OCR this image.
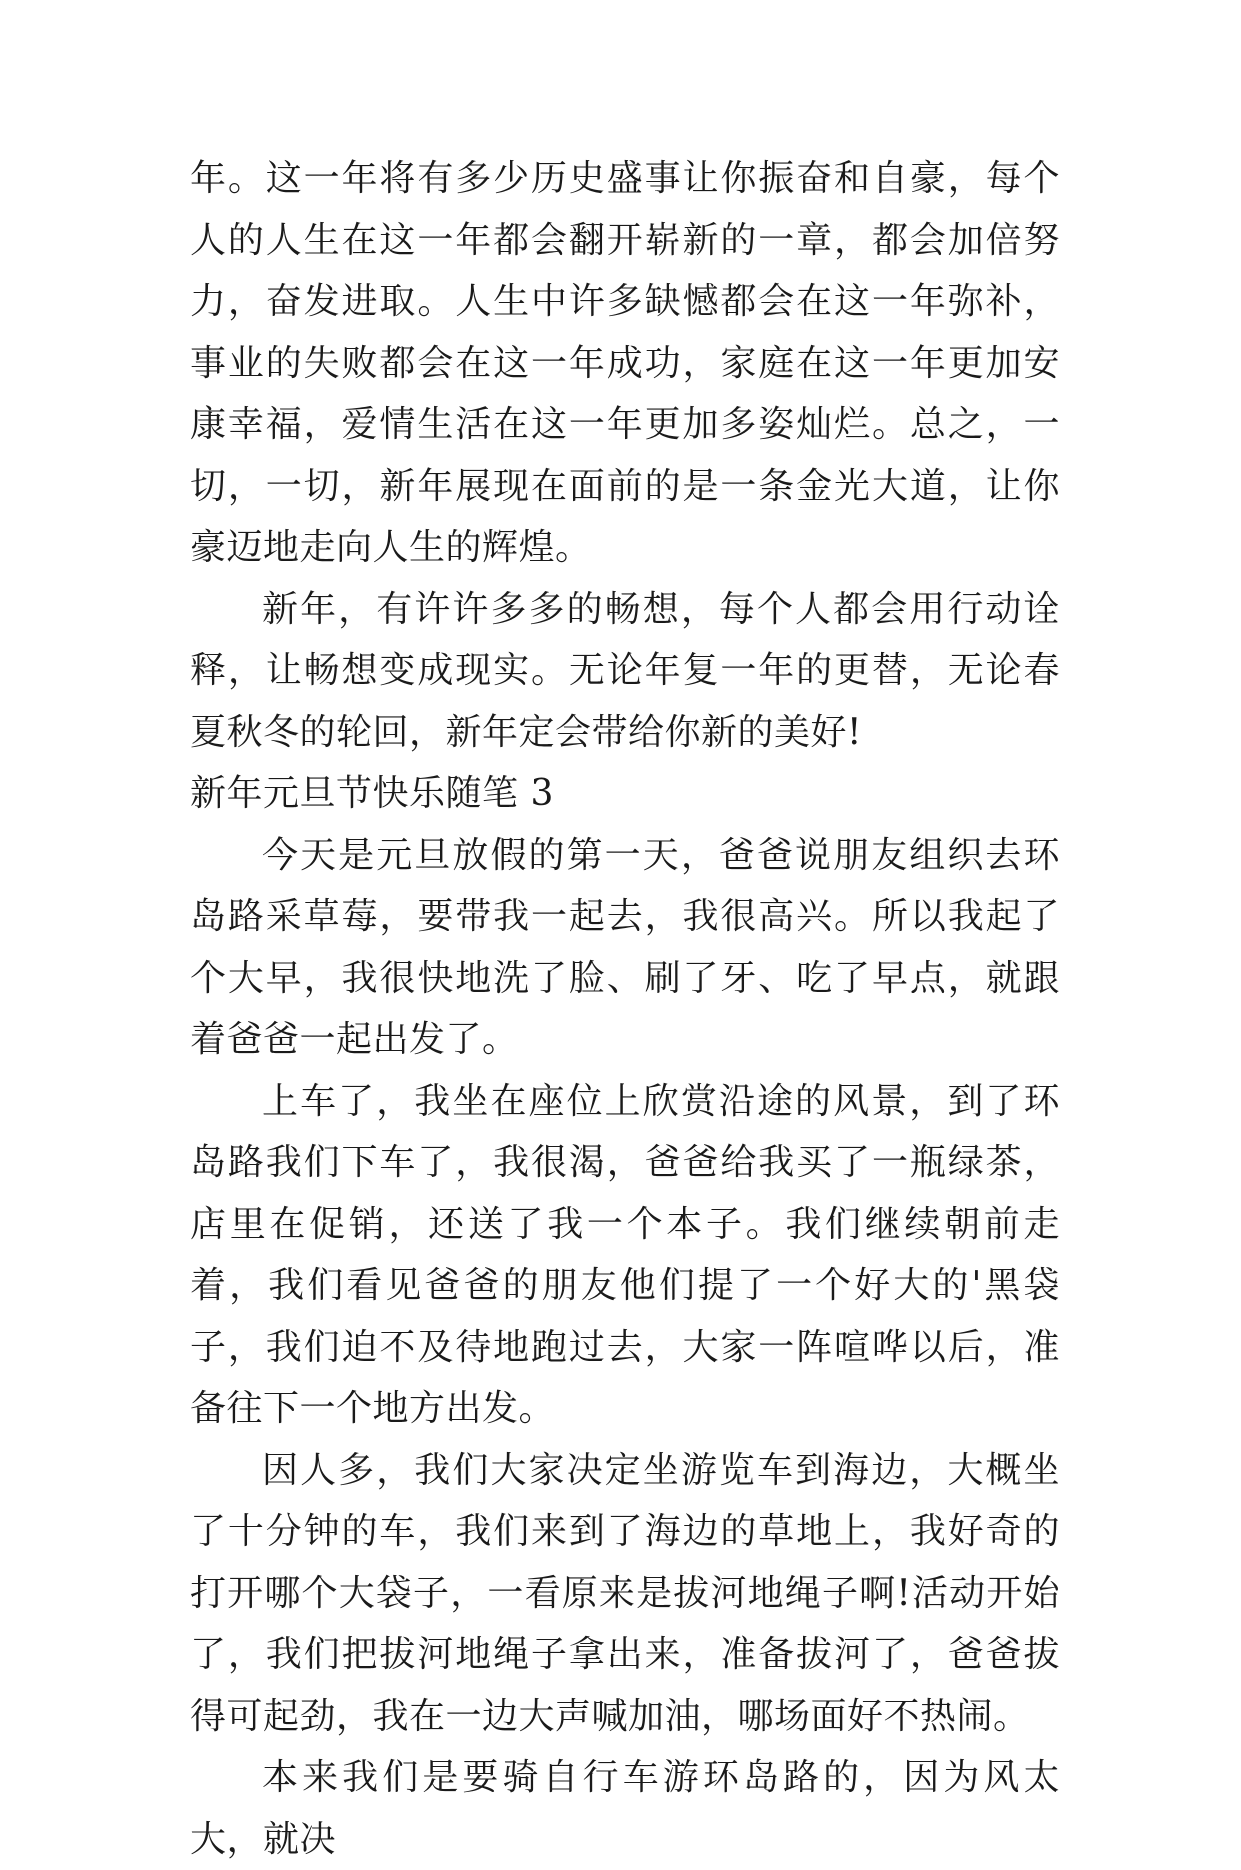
年。这一年将有多少历史盛事让你振奋和自豪，每个人的人生在这一年都会翻开崭新的一章，都会加倍努力，奋发进取。人生中许多缺憾都会在这一年弥补，事业的失败都会在这一年成功，家庭在这一年更加安康幸福，爱情生活在这一年更加多姿灿烂。总之，一切，一切，新年展现在面前的是一条金光大道，让你豪迈地走向人生的辉煌。

新年，有许许多多的畅想，每个人都会用行动诠释，让畅想变成现实。无论年复一年的更替，无论春夏秋冬的轮回，新年定会带给你新的美好!

新年元旦节快乐随笔 3

今天是元旦放假的第一天，爸爸说朋友组织去环岛路采草莓，要带我一起去，我很高兴。所以我起了个大早，我很快地洗了脸、刷了牙、吃了早点，就跟着爸爸一起出发了。

上车了，我坐在座位上欣赏沿途的风景，到了环岛路我们下车了，我很渴，爸爸给我买了一瓶绿茶，店里在促销，还送了我一个本子。我们继续朝前走着，我们看见爸爸的朋友他们提了一个好大的'黑袋子，我们迫不及待地跑过去，大家一阵喧哗以后，准备往下一个地方出发。

因人多，我们大家决定坐游览车到海边，大概坐了十分钟的车，我们来到了海边的草地上，我好奇的打开哪个大袋子，一看原来是拔河地绳子啊!活动开始了，我们把拔河地绳子拿出来，准备拔河了，爸爸拔得可起劲，我在一边大声喊加油，哪场面好不热闹。

本来我们是要骑自行车游环岛路的，因为风太大，就决
